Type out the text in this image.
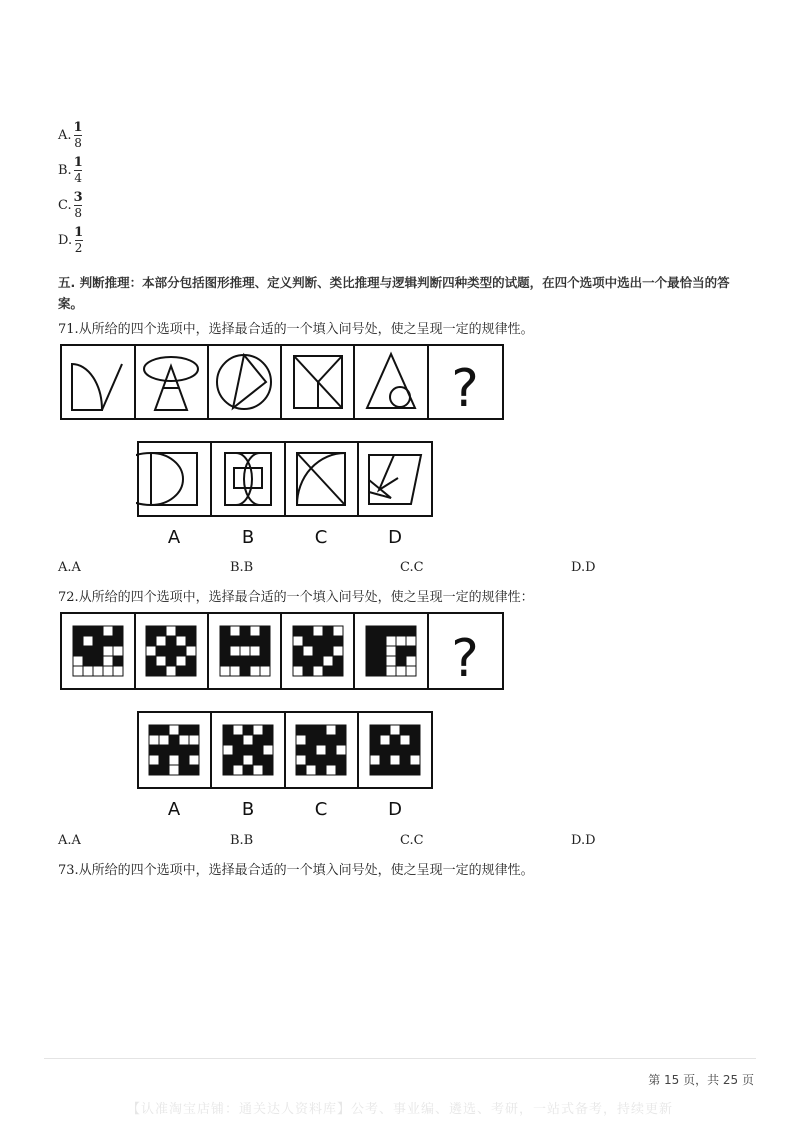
A. $\frac{1}{8}$
B. $\frac{1}{4}$
C. $\frac{3}{8}$
D. $\frac{1}{2}$
五. 判断推理：本部分包括图形推理、定义判断、类比推理与逻辑判断四种类型的试题，在四个选项中选出一个最恰当的答案。
71.从所给的四个选项中，选择最合适的一个填入问号处，使之呈现一定的规律性。
?
A	B	C	D
A.A	B.B	C.C	D.D
72.从所给的四个选项中，选择最合适的一个填入问号处，使之呈现一定的规律性：
?
A	B	C	D
A.A	B.B	C.C	D.D
73.从所给的四个选项中，选择最合适的一个填入问号处，使之呈现一定的规律性。
第 15 页，共 25 页
【认准淘宝店铺：通关达人资料库】公考、事业编、遴选、考研，一站式备考，持续更新
